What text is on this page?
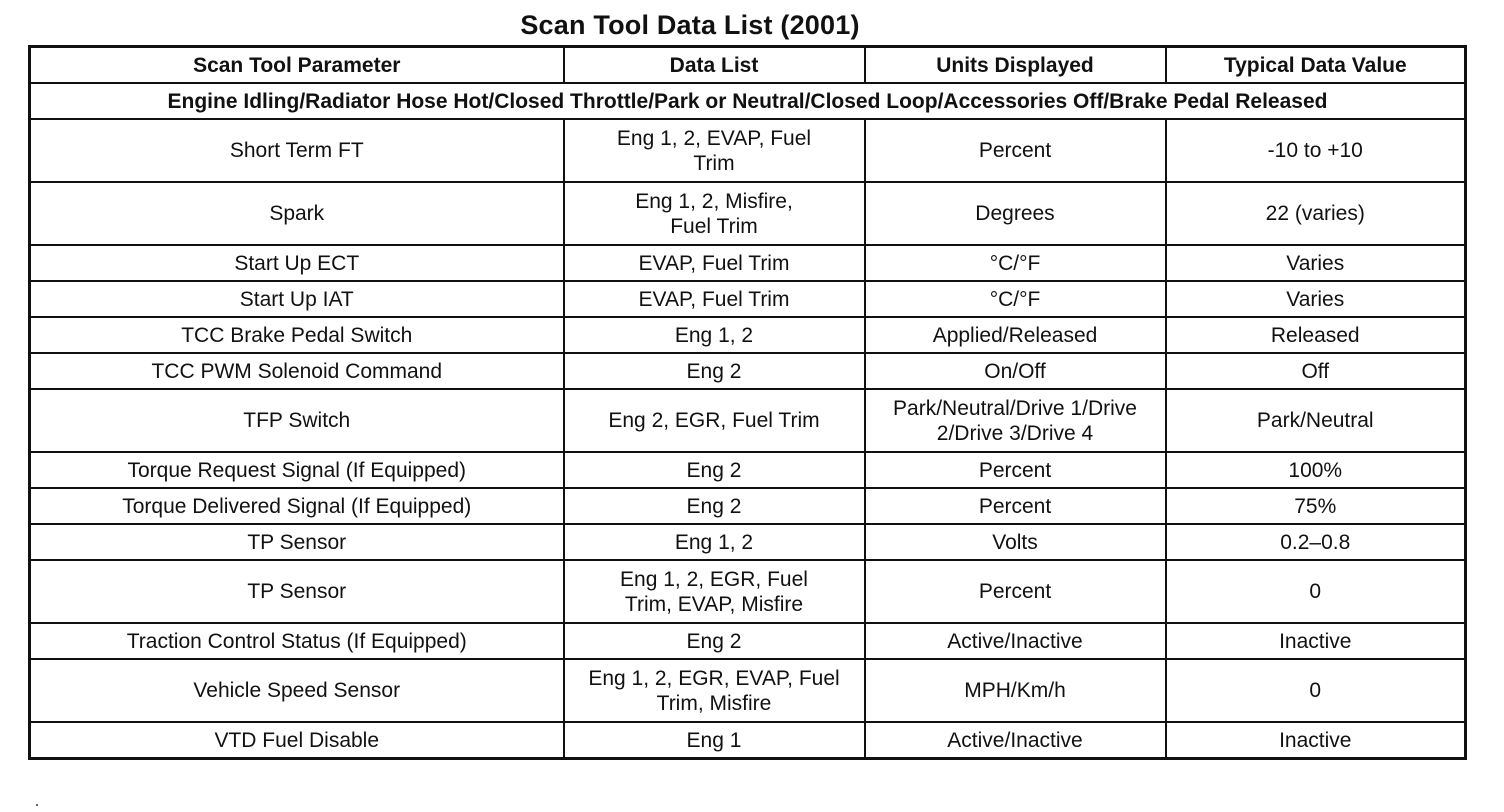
Scan Tool Data List (2001)
Scan Tool Parameter	Data List	Units Displayed	Typical Data Value
Engine Idling/Radiator Hose Hot/Closed Throttle/Park or Neutral/Closed Loop/Accessories Off/Brake Pedal Released			
Short Term FT	Eng 1, 2, EVAP, Fuel Trim	Percent	-10 to +10
Spark	Eng 1, 2, Misfire, Fuel Trim	Degrees	22 (varies)
Start Up ECT	EVAP, Fuel Trim	°C/°F	Varies
Start Up IAT	EVAP, Fuel Trim	°C/°F	Varies
TCC Brake Pedal Switch	Eng 1, 2	Applied/Released	Released
TCC PWM Solenoid Command	Eng 2	On/Off	Off
TFP Switch	Eng 2, EGR, Fuel Trim	Park/Neutral/Drive 1/Drive 2/Drive 3/Drive 4	Park/Neutral
Torque Request Signal (If Equipped)	Eng 2	Percent	100%
Torque Delivered Signal (If Equipped)	Eng 2	Percent	75%
TP Sensor	Eng 1, 2	Volts	0.2–0.8
TP Sensor	Eng 1, 2, EGR, Fuel Trim, EVAP, Misfire	Percent	0
Traction Control Status (If Equipped)	Eng 2	Active/Inactive	Inactive
Vehicle Speed Sensor	Eng 1, 2, EGR, EVAP, Fuel Trim, Misfire	MPH/Km/h	0
VTD Fuel Disable	Eng 1	Active/Inactive	Inactive
